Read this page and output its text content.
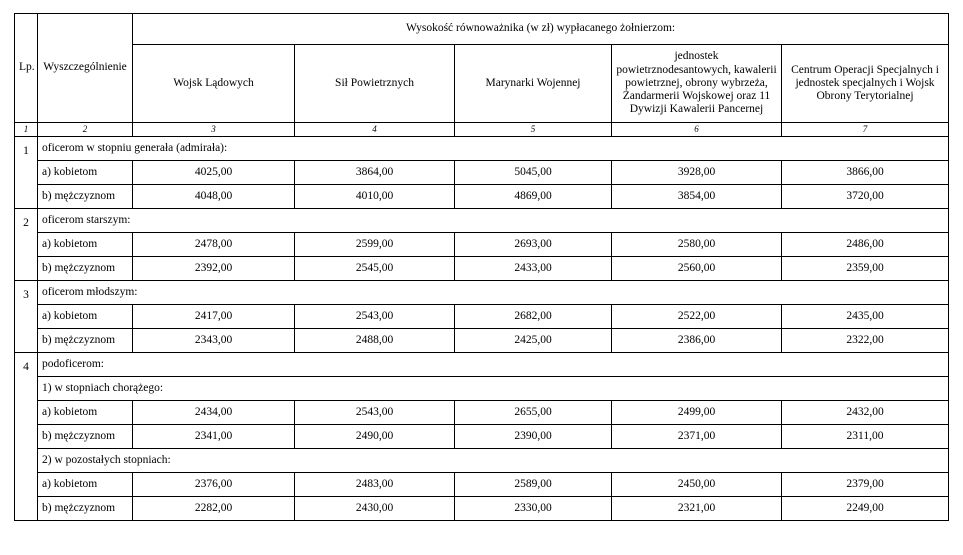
Lp.	Wyszczególnienie	Wysokość równoważnika (w zł) wypłacanego żołnierzom:				
		Wojsk Lądowych	Sił Powietrznych	Marynarki Wojennej	jednostek powietrznodesantowych, kawalerii powietrznej, obrony wybrzeża, Żandarmerii Wojskowej oraz 11 Dywizji Kawalerii Pancernej	Centrum Operacji Specjalnych i jednostek specjalnych i Wojsk Obrony Terytorialnej
1	2	3	4	5	6	7
1	oficerom w stopniu generała (admirała):					
	a) kobietom	4025,00	3864,00	5045,00	3928,00	3866,00
	b) mężczyznom	4048,00	4010,00	4869,00	3854,00	3720,00
2	oficerom starszym:					
	a) kobietom	2478,00	2599,00	2693,00	2580,00	2486,00
	b) mężczyznom	2392,00	2545,00	2433,00	2560,00	2359,00
3	oficerom młodszym:					
	a) kobietom	2417,00	2543,00	2682,00	2522,00	2435,00
	b) mężczyznom	2343,00	2488,00	2425,00	2386,00	2322,00
4	podoficerom:					
	1) w stopniach chorążego:					
	a) kobietom	2434,00	2543,00	2655,00	2499,00	2432,00
	b) mężczyznom	2341,00	2490,00	2390,00	2371,00	2311,00
	2) w pozostałych stopniach:					
	a) kobietom	2376,00	2483,00	2589,00	2450,00	2379,00
	b) mężczyznom	2282,00	2430,00	2330,00	2321,00	2249,00
